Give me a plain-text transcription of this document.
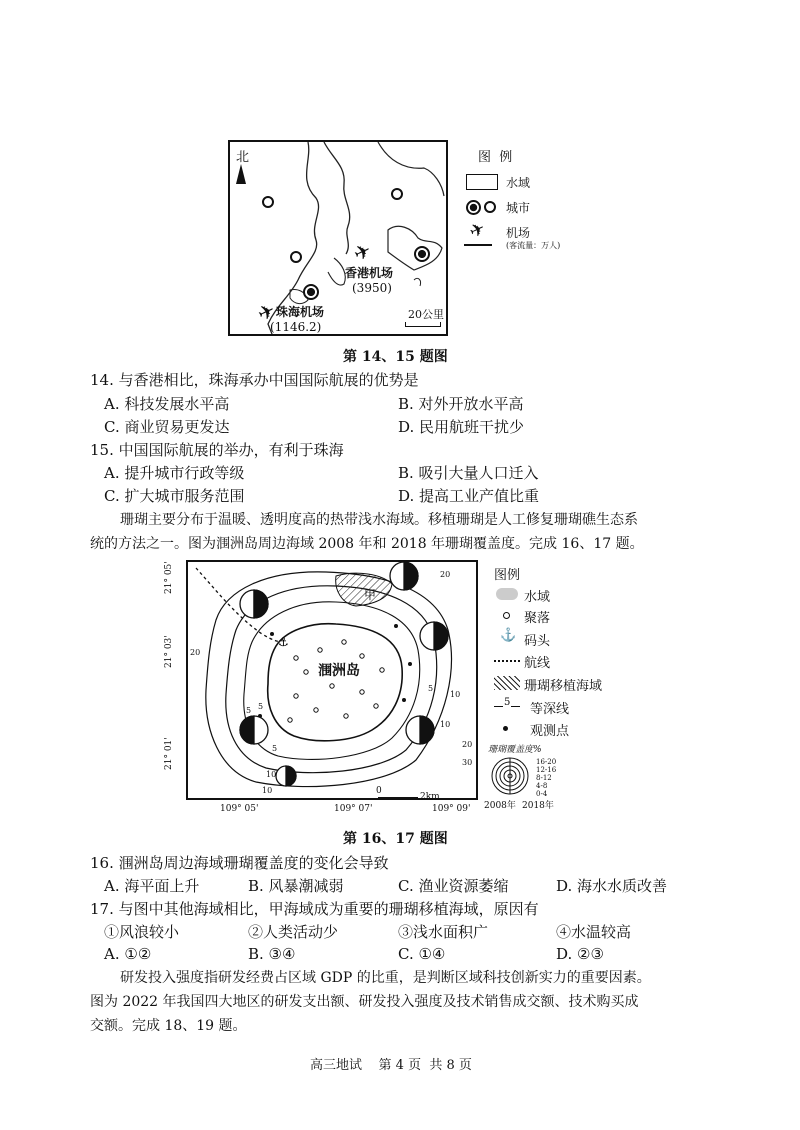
北
✈
香港机场
(3950)
✈
珠海机场
(1146.2)
20公里
图  例
水域
城市
✈ 机场
(客流量：万人)
第 14、15 题图
14. 与香港相比，珠海承办中国国际航展的优势是
A. 科技发展水平高	B. 对外开放水平高
C. 商业贸易更发达	D. 民用航班干扰少
15. 中国国际航展的举办，有利于珠海
A. 提升城市行政等级	B. 吸引大量人口迁入
C. 扩大城市服务范围	D. 提高工业产值比重
珊瑚主要分布于温暖、透明度高的热带浅水海域。移植珊瑚是人工修复珊瑚礁生态系
统的方法之一。图为涠洲岛周边海域 2008 年和 2018 年珊瑚覆盖度。完成 16、17 题。
⚓
涠洲岛
甲
21° 05'
21° 03'
21° 01'
109° 05'	109° 07'	109° 09'
0
2km
20
20
10
5
5
5
10
10
20
30
10
5
图例
水域
聚落
⚓ 码头
航线
珊瑚移植海域
5 等深线
观测点
珊瑚覆盖度%
16-20
12-16
8-12
4-8
0-4
2008年 2018年
第 16、17 题图
16. 涠洲岛周边海域珊瑚覆盖度的变化会导致
A. 海平面上升	B. 风暴潮减弱	C. 渔业资源萎缩	D. 海水水质改善
17. 与图中其他海域相比，甲海域成为重要的珊瑚移植海域，原因有
①风浪较小	②人类活动少	③浅水面积广	④水温较高
A. ①②	B. ③④	C. ①④	D. ②③
研发投入强度指研发经费占区域 GDP 的比重，是判断区域科技创新实力的重要因素。
图为 2022 年我国四大地区的研发支出额、研发投入强度及技术销售成交额、技术购买成
交额。完成 18、19 题。
高三地试    第 4 页  共 8 页
